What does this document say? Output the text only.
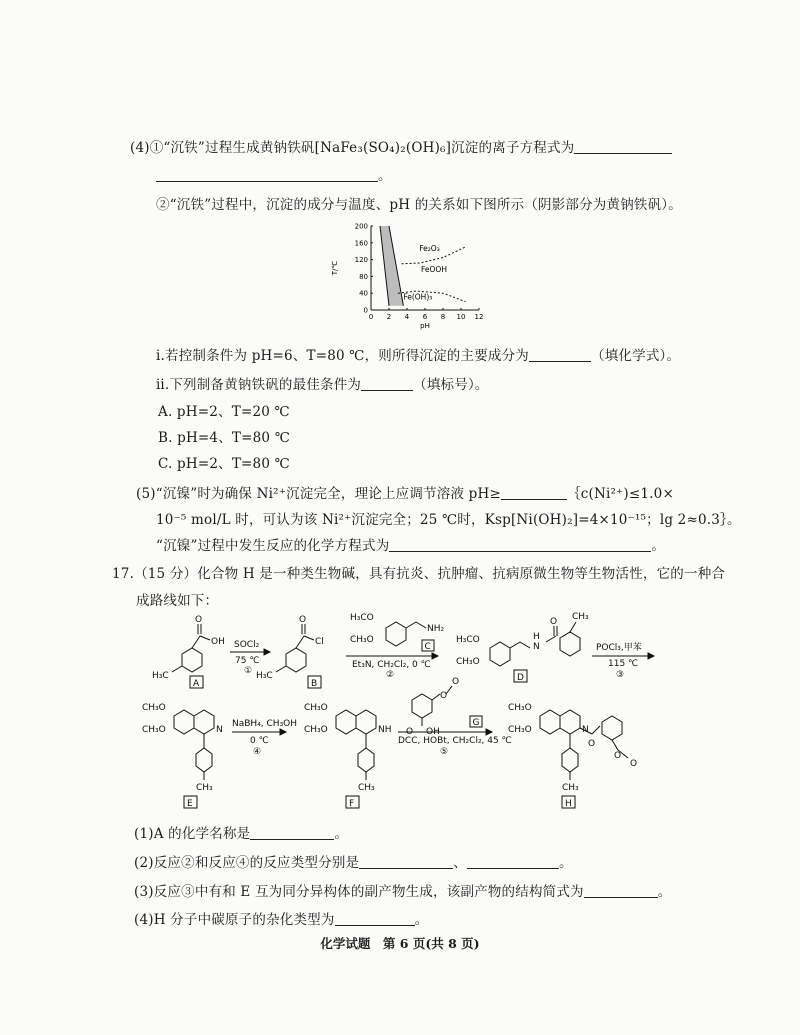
(4)①“沉铁”过程生成黄钠铁矾[NaFe₃(SO₄)₂(OH)₆]沉淀的离子方程式为
。
②“沉铁”过程中，沉淀的成分与温度、pH 的关系如下图所示（阴影部分为黄钠铁矾）。
0 2 4 6 8 10 12
0
40
80
120
160
200
pH
T/℃
Fe₂O₃
FeOOH
Fe(OH)₃
ⅰ.若控制条件为 pH=6、T=80 ℃，则所得沉淀的主要成分为	（填化学式）。
ⅱ.下列制备黄钠铁矾的最佳条件为	（填标号）。
A. pH=2、T=20 ℃
B. pH=4、T=80 ℃
C. pH=2、T=80 ℃
(5)“沉镍”时为确保 Ni²⁺沉淀完全，理论上应调节溶液 pH≥	｛c(Ni²⁺)≤1.0×
10⁻⁵ mol/L 时，可认为该 Ni²⁺沉淀完全；25 ℃时，Ksp[Ni(OH)₂]=4×10⁻¹⁵；lg 2≈0.3｝。
“沉镍”过程中发生反应的化学方程式为	。
17.（15 分）化合物 H 是一种类生物碱，具有抗炎、抗肿瘤、抗病原微生物等生物活性，它的一种合
成路线如下：
O
OH
H₃C
A
SOCl₂
75 ℃
①
O
Cl
H₃C
B
H₃CO
CH₃O
NH₂
C
Et₃N, CH₂Cl₂, 0 ℃
②
H₃CO
CH₃O
H
N
O CH₃
D
POCl₃,甲苯
115 ℃
③
CH₃O
CH₃O	N
CH₃
E
NaBH₄, CH₃OH
0 ℃
④
CH₃O
CH₃O	NH
CH₃
F
O
O
O OH
G
DCC, HOBt, CH₂Cl₂, 45 ℃
⑤
CH₃O
CH₃O	N
O
O
O
CH₃
H
(1)A 的化学名称是	。
(2)反应②和反应④的反应类型分别是	、	。
(3)反应③中有和 E 互为同分异构体的副产物生成，该副产物的结构简式为	。
(4)H 分子中碳原子的杂化类型为	。
化学试题　第 6 页(共 8 页)
